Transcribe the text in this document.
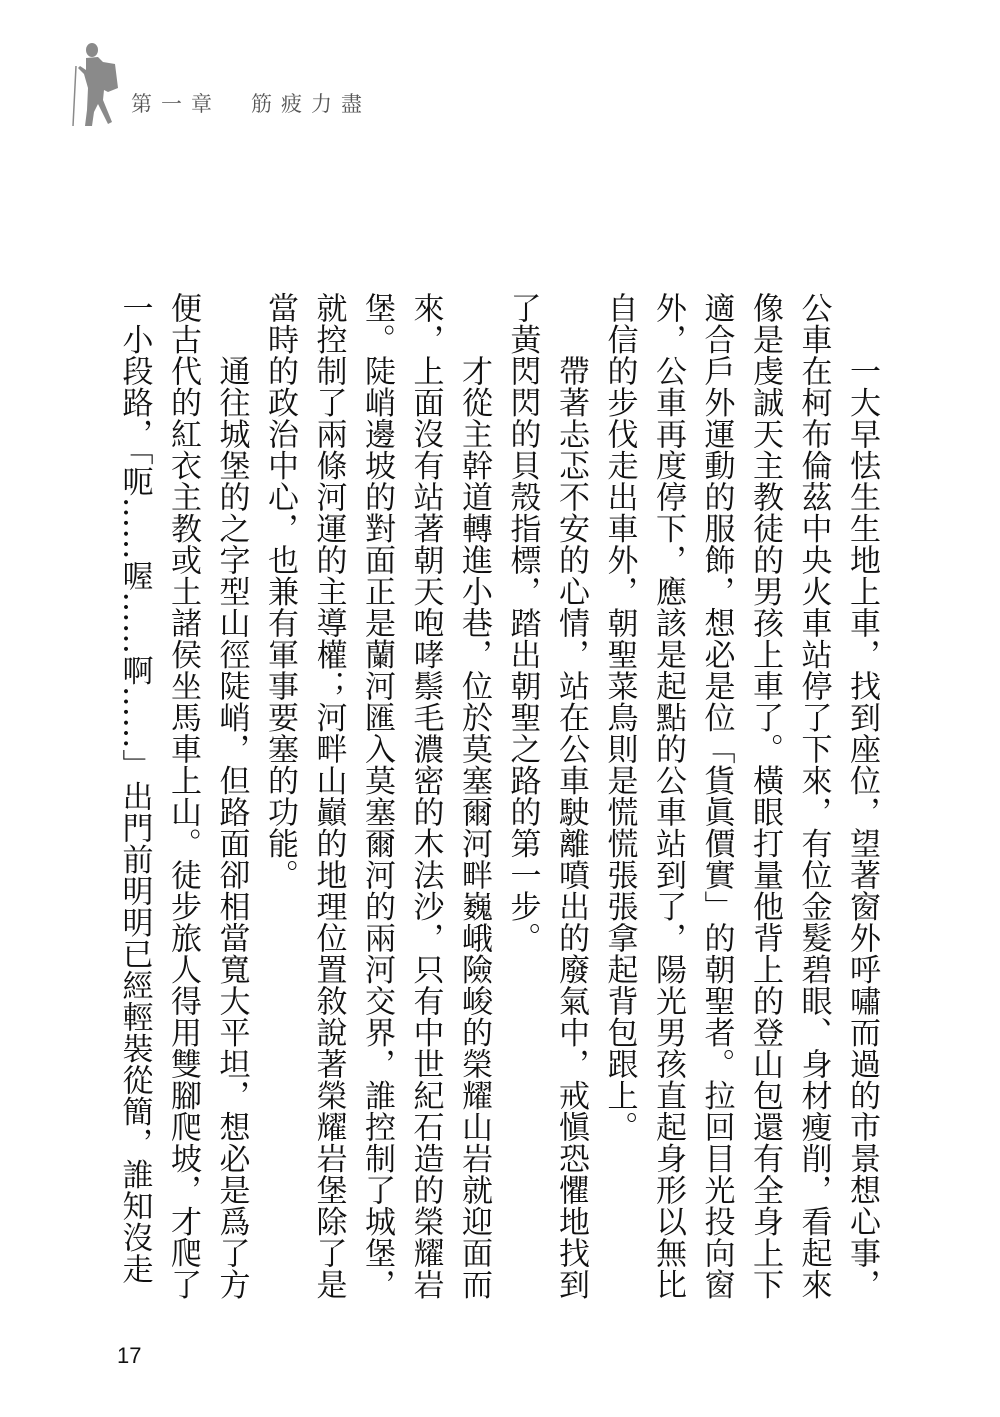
第一章　筋疲力盡
一大早怯生生地上車，找到座位，望著窗外呼嘯而過的市景想心事，
公車在柯布倫茲中央火車站停了下來，有位金髮碧眼、身材瘦削，看起來
像是虔誠天主教徒的男孩上車了。橫眼打量他背上的登山包還有全身上下
適合戶外運動的服飾，想必是位「貨眞價實」的朝聖者。拉回目光投向窗
外，公車再度停下，應該是起點的公車站到了，陽光男孩直起身形以無比
自信的步伐走出車外，朝聖菜鳥則是慌慌張張拿起背包跟上。
帶著忐忑不安的心情，站在公車駛離噴出的廢氣中，戒愼恐懼地找到
了黃閃閃的貝殼指標，踏出朝聖之路的第一步。
才從主幹道轉進小巷，位於莫塞爾河畔巍峨險峻的榮耀山岩就迎面而
來，上面沒有站著朝天咆哮鬃毛濃密的木法沙，只有中世紀石造的榮耀岩
堡。陡峭邊坡的對面正是蘭河匯入莫塞爾河的兩河交界，誰控制了城堡，
就控制了兩條河運的主導權；河畔山巓的地理位置敘說著榮耀岩堡除了是
當時的政治中心，也兼有軍事要塞的功能。
通往城堡的之字型山徑陡峭，但路面卻相當寬大平坦，想必是爲了方
便古代的紅衣主教或土諸侯坐馬車上山。徒步旅人得用雙腳爬坡，才爬了
一小段路，「呃……喔……啊……」出門前明明已經輕裝從簡，誰知沒走
17
